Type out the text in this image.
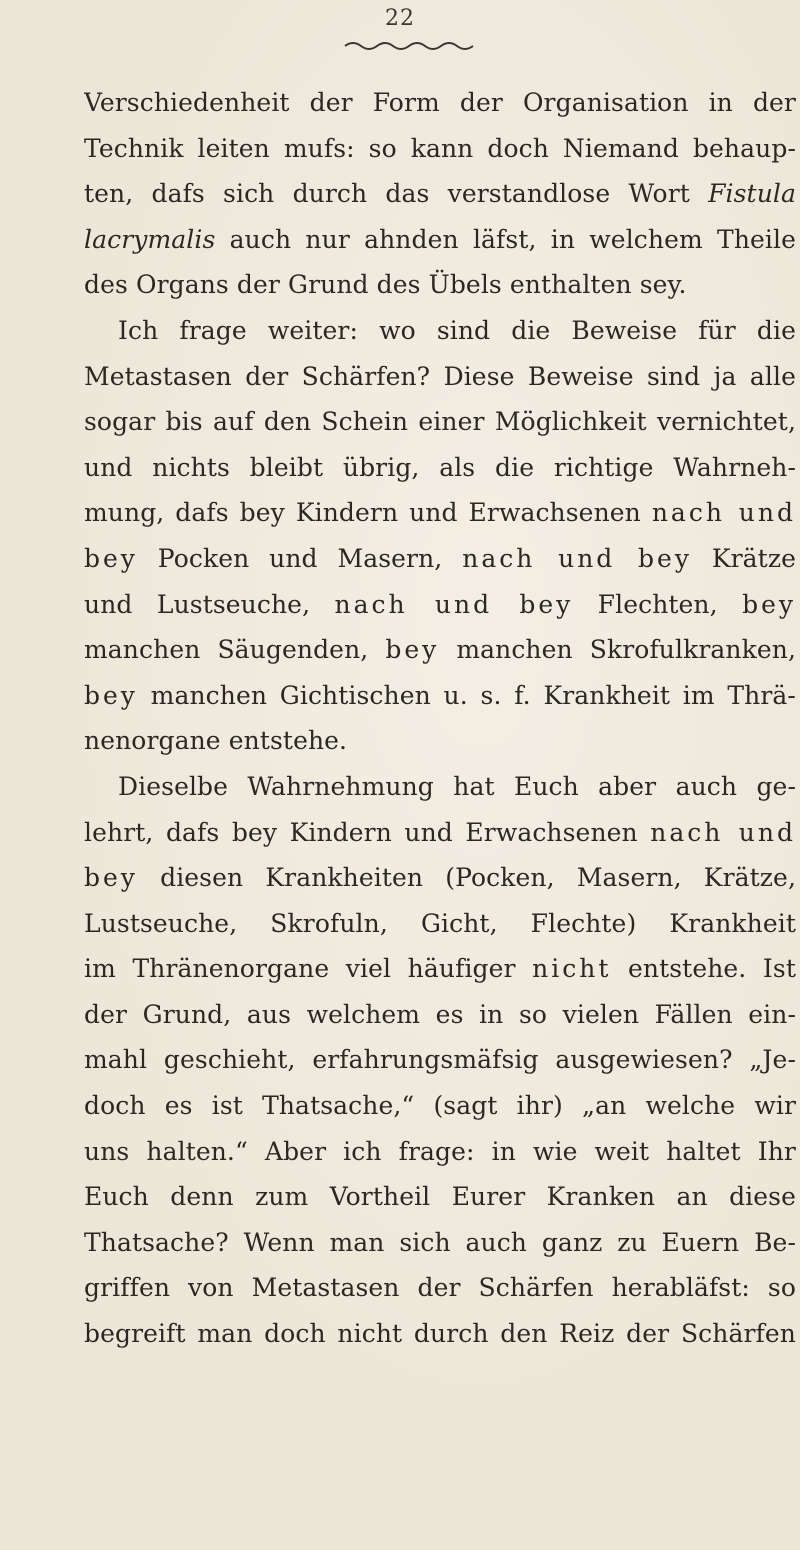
22
Verschiedenheit der Form der Organisation in der
Technik leiten mufs: so kann doch Niemand behaup-
ten, dafs sich durch das verstandlose Wort Fistula
lacrymalis auch nur ahnden läfst, in welchem Theile
des Organs der Grund des Übels enthalten sey.
Ich frage weiter: wo sind die Beweise für die
Metastasen der Schärfen? Diese Beweise sind ja alle
sogar bis auf den Schein einer Möglichkeit vernichtet,
und nichts bleibt übrig, als die richtige Wahrneh-
mung, dafs bey Kindern und Erwachsenen nach und
bey Pocken und Masern, nach und bey Krätze
und Lustseuche, nach und bey Flechten, bey
manchen Säugenden, bey manchen Skrofulkranken,
bey manchen Gichtischen u. s. f. Krankheit im Thrä-
nenorgane entstehe.
Dieselbe Wahrnehmung hat Euch aber auch ge-
lehrt, dafs bey Kindern und Erwachsenen nach und
bey diesen Krankheiten (Pocken, Masern, Krätze,
Lustseuche, Skrofuln, Gicht, Flechte) Krankheit
im Thränenorgane viel häufiger nicht entstehe. Ist
der Grund, aus welchem es in so vielen Fällen ein-
mahl geschieht, erfahrungsmäfsig ausgewiesen? „Je-
doch es ist Thatsache,“ (sagt ihr) „an welche wir
uns halten.“ Aber ich frage: in wie weit haltet Ihr
Euch denn zum Vortheil Eurer Kranken an diese
Thatsache? Wenn man sich auch ganz zu Euern Be-
griffen von Metastasen der Schärfen herabläfst: so
begreift man doch nicht durch den Reiz der Schärfen
